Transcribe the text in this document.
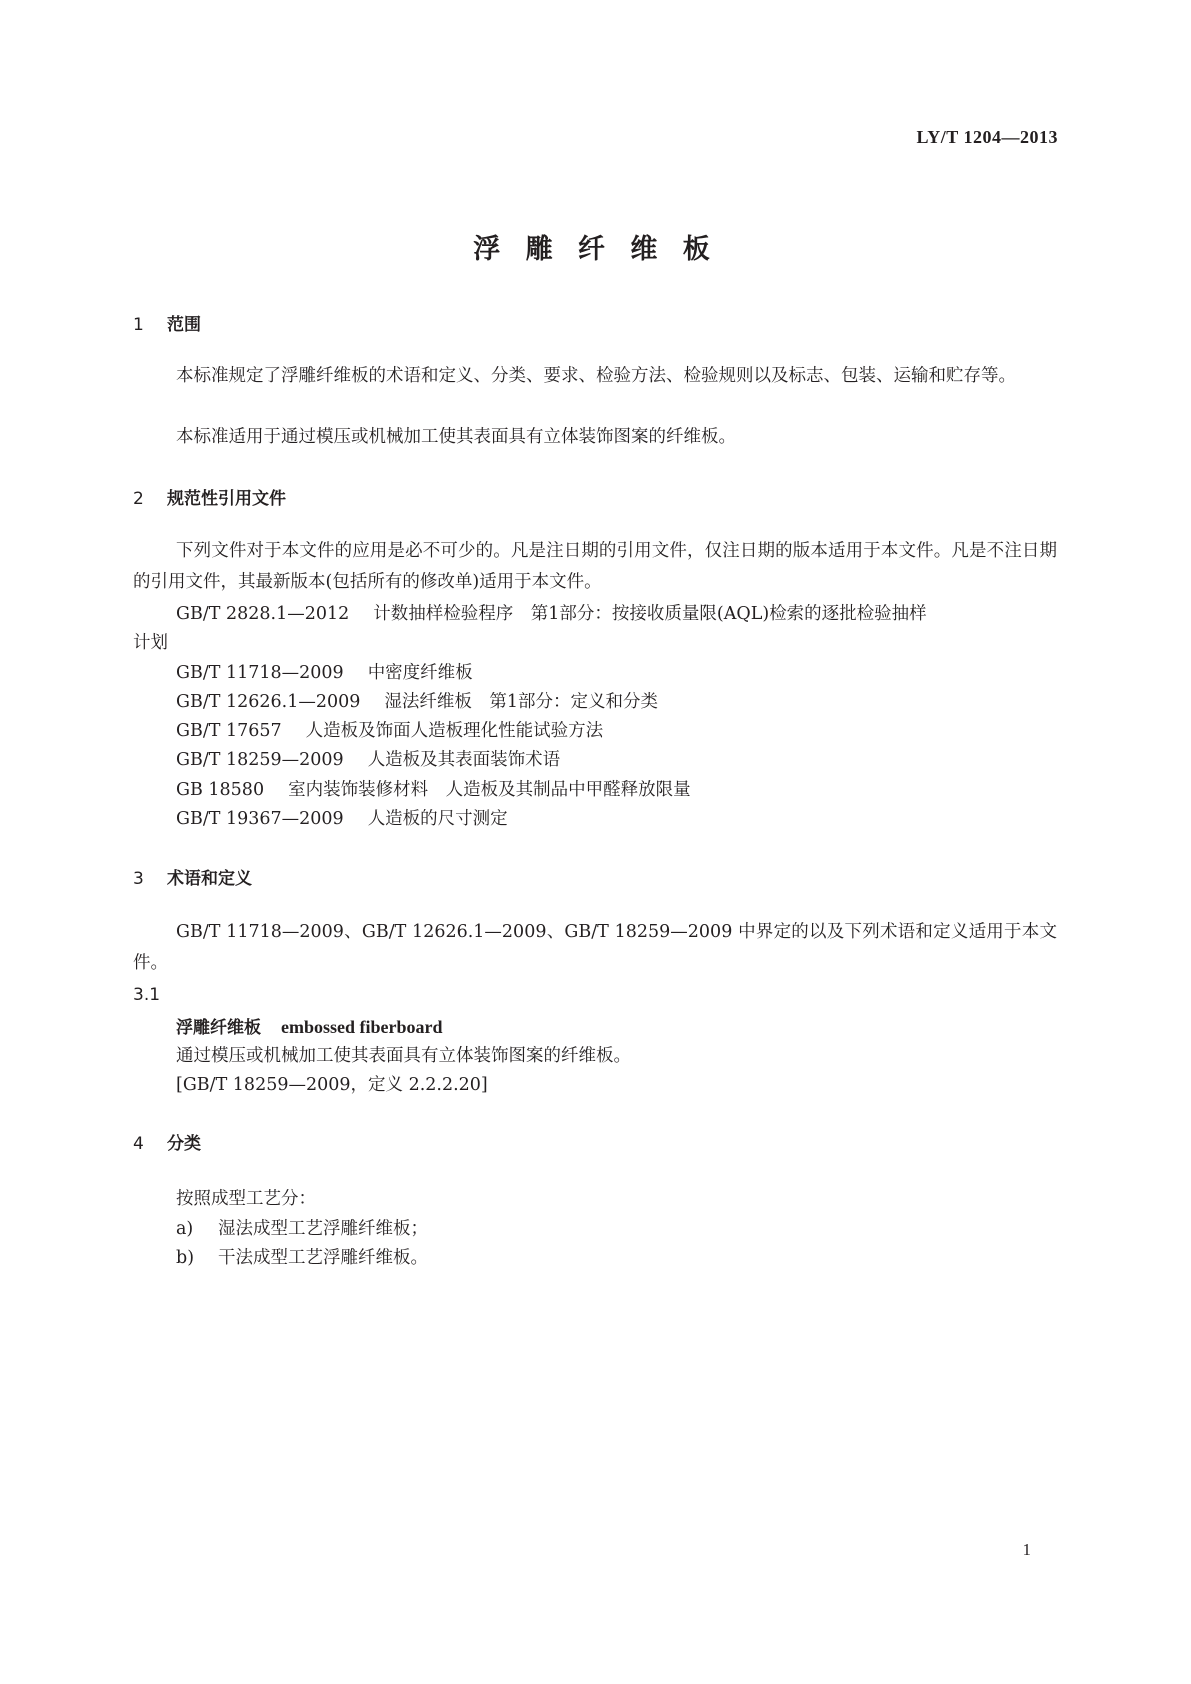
LY/T 1204—2013
浮 雕 纤 维 板
1 范围

本标准规定了浮雕纤维板的术语和定义、分类、要求、检验方法、检验规则以及标志、包装、运输和贮存等。

本标准适用于通过模压或机械加工使其表面具有立体装饰图案的纤维板。

2 规范性引用文件

下列文件对于本文件的应用是必不可少的。凡是注日期的引用文件，仅注日期的版本适用于本文件。凡是不注日期的引用文件，其最新版本(包括所有的修改单)适用于本文件。

GB/T 2828.1—2012 计数抽样检验程序　第1部分：按接收质量限(AQL)检索的逐批检验抽样
计划
GB/T 11718—2009 中密度纤维板
GB/T 12626.1—2009 湿法纤维板　第1部分：定义和分类
GB/T 17657 人造板及饰面人造板理化性能试验方法
GB/T 18259—2009 人造板及其表面装饰术语
GB 18580 室内装饰装修材料　人造板及其制品中甲醛释放限量
GB/T 19367—2009 人造板的尺寸测定
3 术语和定义

GB/T 11718—2009、GB/T 12626.1—2009、GB/T 18259—2009 中界定的以及下列术语和定义适用于本文件。

3.1
浮雕纤维板 embossed fiberboard
通过模压或机械加工使其表面具有立体装饰图案的纤维板。
[GB/T 18259—2009，定义 2.2.2.20]
4 分类
按照成型工艺分：
a) 湿法成型工艺浮雕纤维板；
b) 干法成型工艺浮雕纤维板。
1
